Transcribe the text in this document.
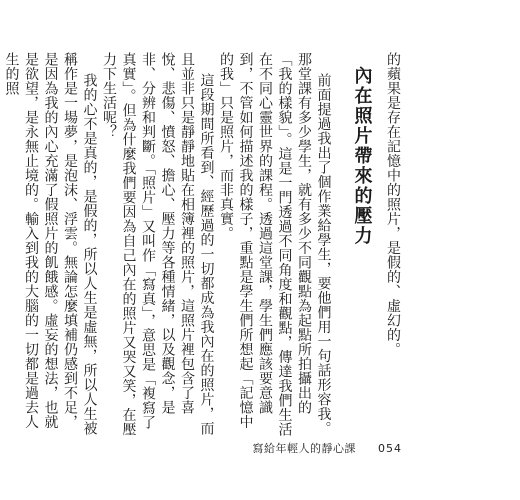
的蘋果是存在記憶中的照片，是假的、虛幻的。

內在照片帶來的壓力

前面提過我出了個作業給學生，要他們用一句話形容我。那堂課有多少學生，就有多少不同觀點為起點所拍攝出的「我的樣貌」。這是一門透過不同角度和觀點，傳達我們生活在不同心靈世界的課程。透過這堂課，學生們應該要意識到，不管如何描述我的樣子，重點是學生們所想起「記憶中的我」只是照片，而非真實。

這段期間所看到、經歷過的一切都成為我內在的照片，而且並非只是靜靜地貼在相簿裡的照片，這照片裡包含了喜悅、悲傷、憤怒、擔心、壓力等各種情緒，以及觀念，是非、分辨和判斷。「照片」又叫作「寫真」，意思是「複寫了真實」。但為什麼我們要因為自己內在的照片又哭又笑，在壓力下生活呢？

我的心不是真的，是假的，所以人生是虛無，所以人生被稱作是一場夢，是泡沫、浮雲。無論怎麼填補仍感到不足，是因為我的內心充滿了假照片的飢餓感。虛妄的想法，也就是欲望，是永無止境的。輸入到我的大腦的一切都是過去人生的照

寫給年輕人的靜心課 054
